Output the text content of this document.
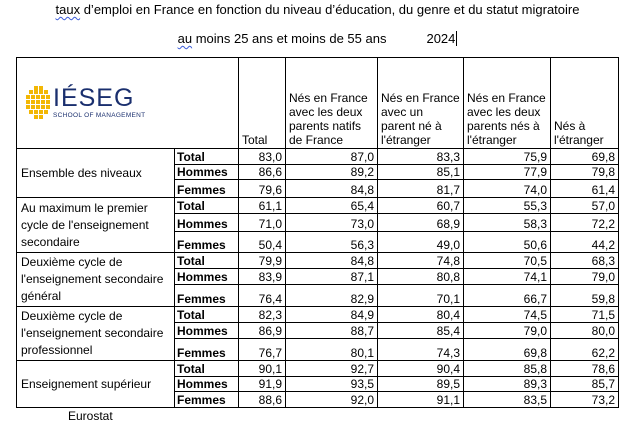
taux d’emploi en France en fonction du niveau d’éducation, du genre et du statut migratoire
au moins 25 ans et moins de 55 ans	2024
IÉSEG
SCHOOL OF MANAGEMENT		Total	Nés en France avec les deux parents natifs de France	Nés en France avec un parent né à l'étranger	Nés en France avec les deux parents nés à l'étranger	Nés à l'étranger
Ensemble des niveaux	Total	83,0	87,0	83,3	75,9	69,8
	Hommes	86,6	89,2	85,1	77,9	79,8
	Femmes	79,6	84,8	81,7	74,0	61,4
Au maximum le premier cycle de l'enseignement secondaire	Total	61,1	65,4	60,7	55,3	57,0
	Hommes	71,0	73,0	68,9	58,3	72,2
	Femmes	50,4	56,3	49,0	50,6	44,2
Deuxième cycle de l'enseignement secondaire général	Total	79,9	84,8	74,8	70,5	68,3
	Hommes	83,9	87,1	80,8	74,1	79,0
	Femmes	76,4	82,9	70,1	66,7	59,8
Deuxième cycle de l'enseignement secondaire professionnel	Total	82,3	84,9	80,4	74,5	71,5
	Hommes	86,9	88,7	85,4	79,0	80,0
	Femmes	76,7	80,1	74,3	69,8	62,2
Enseignement supérieur	Total	90,1	92,7	90,4	85,8	78,6
	Hommes	91,9	93,5	89,5	89,3	85,7
	Femmes	88,6	92,0	91,1	83,5	73,2
Eurostat
